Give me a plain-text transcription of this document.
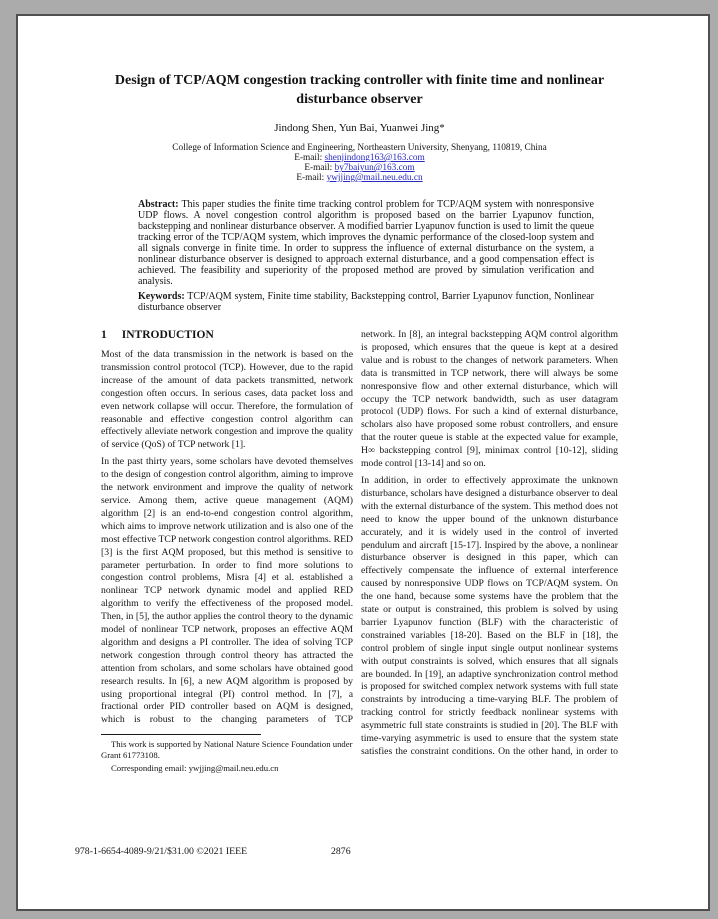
Design of TCP/AQM congestion tracking controller with finite time and nonlinear disturbance observer
Jindong Shen, Yun Bai, Yuanwei Jing*
College of Information Science and Engineering, Northeastern University, Shenyang, 110819, China
E-mail: shenjindong163@163.com
E-mail: by7baiyun@163.com
E-mail: ywjjing@mail.neu.edu.cn
Abstract: This paper studies the finite time tracking control problem for TCP/AQM system with nonresponsive UDP flows. A novel congestion control algorithm is proposed based on the barrier Lyapunov function, backstepping and nonlinear disturbance observer. A modified barrier Lyapunov function is used to limit the queue tracking error of the TCP/AQM system, which improves the dynamic performance of the closed-loop system and all signals converge in finite time. In order to suppress the influence of external disturbance on the system, a nonlinear disturbance observer is designed to approach external disturbance, and a good compensation effect is achieved. The feasibility and superiority of the proposed method are proved by simulation verification and analysis.
Keywords: TCP/AQM system, Finite time stability, Backstepping control, Barrier Lyapunov function, Nonlinear disturbance observer
1 INTRODUCTION

Most of the data transmission in the network is based on the transmission control protocol (TCP). However, due to the rapid increase of the amount of data packets transmitted, network congestion often occurs. In serious cases, data packet loss and even network collapse will occur. Therefore, the formulation of reasonable and effective congestion control algorithm can effectively alleviate network congestion and improve the quality of service (QoS) of TCP network [1].

In the past thirty years, some scholars have devoted themselves to the design of congestion control algorithm, aiming to improve the network environment and improve the quality of network service. Among them, active queue management (AQM) algorithm [2] is an end-to-end congestion control algorithm, which aims to improve network utilization and is also one of the most effective TCP network congestion control algorithms. RED [3] is the first AQM proposed, but this method is sensitive to parameter perturbation. In order to find more solutions to congestion control problems, Misra [4] et al. established a nonlinear TCP network dynamic model and applied RED algorithm to verify the effectiveness of the proposed model. Then, in [5], the author applies the control theory to the dynamic model of nonlinear TCP network, proposes an effective AQM algorithm and designs a PI controller. The idea of solving TCP network congestion through control theory has attracted the attention from scholars, and some scholars have obtained good research results. In [6], a new AQM algorithm is proposed by using proportional integral (PI) control method. In [7], a fractional order PID controller based on AQM is designed, which is robust to the changing parameters of TCP

This work is supported by National Nature Science Foundation under Grant 61773108.

Corresponding email: ywjjing@mail.neu.edu.cn

network. In [8], an integral backstepping AQM control algorithm is proposed, which ensures that the queue is kept at a desired value and is robust to the changes of network parameters. When data is transmitted in TCP network, there will always be some nonresponsive flow and other external disturbance, which will occupy the TCP network bandwidth, such as user datagram protocol (UDP) flows. For such a kind of external disturbance, scholars also have proposed some robust controllers, and ensure that the router queue is stable at the expected value for example, H∞ backstepping control [9], minimax control [10-12], sliding mode control [13-14] and so on.

In addition, in order to effectively approximate the unknown disturbance, scholars have designed a disturbance observer to deal with the external disturbance of the system. This method does not need to know the upper bound of the unknown disturbance accurately, and it is widely used in the control of inverted pendulum and aircraft [15-17]. Inspired by the above, a nonlinear disturbance observer is designed in this paper, which can effectively compensate the influence of external interference caused by nonresponsive UDP flows on TCP/AQM system. On the one hand, because some systems have the problem that the state or output is constrained, this problem is solved by using barrier Lyapunov function (BLF) with the characteristic of constrained variables [18-20]. Based on the BLF in [18], the control problem of single input single output nonlinear systems with output constraints is solved, which ensures that all signals are bounded. In [19], an adaptive synchronization control method is proposed for switched complex network systems with full state constraints by introducing a time-varying BLF. The problem of tracking control for strictly feedback nonlinear systems with asymmetric full state constraints is studied in [20]. The BLF with time-varying asymmetric is used to ensure that the system state satisfies the constraint conditions. On the other hand, in order to

978-1-6654-4089-9/21/$31.00 ©2021 IEEE	2876
